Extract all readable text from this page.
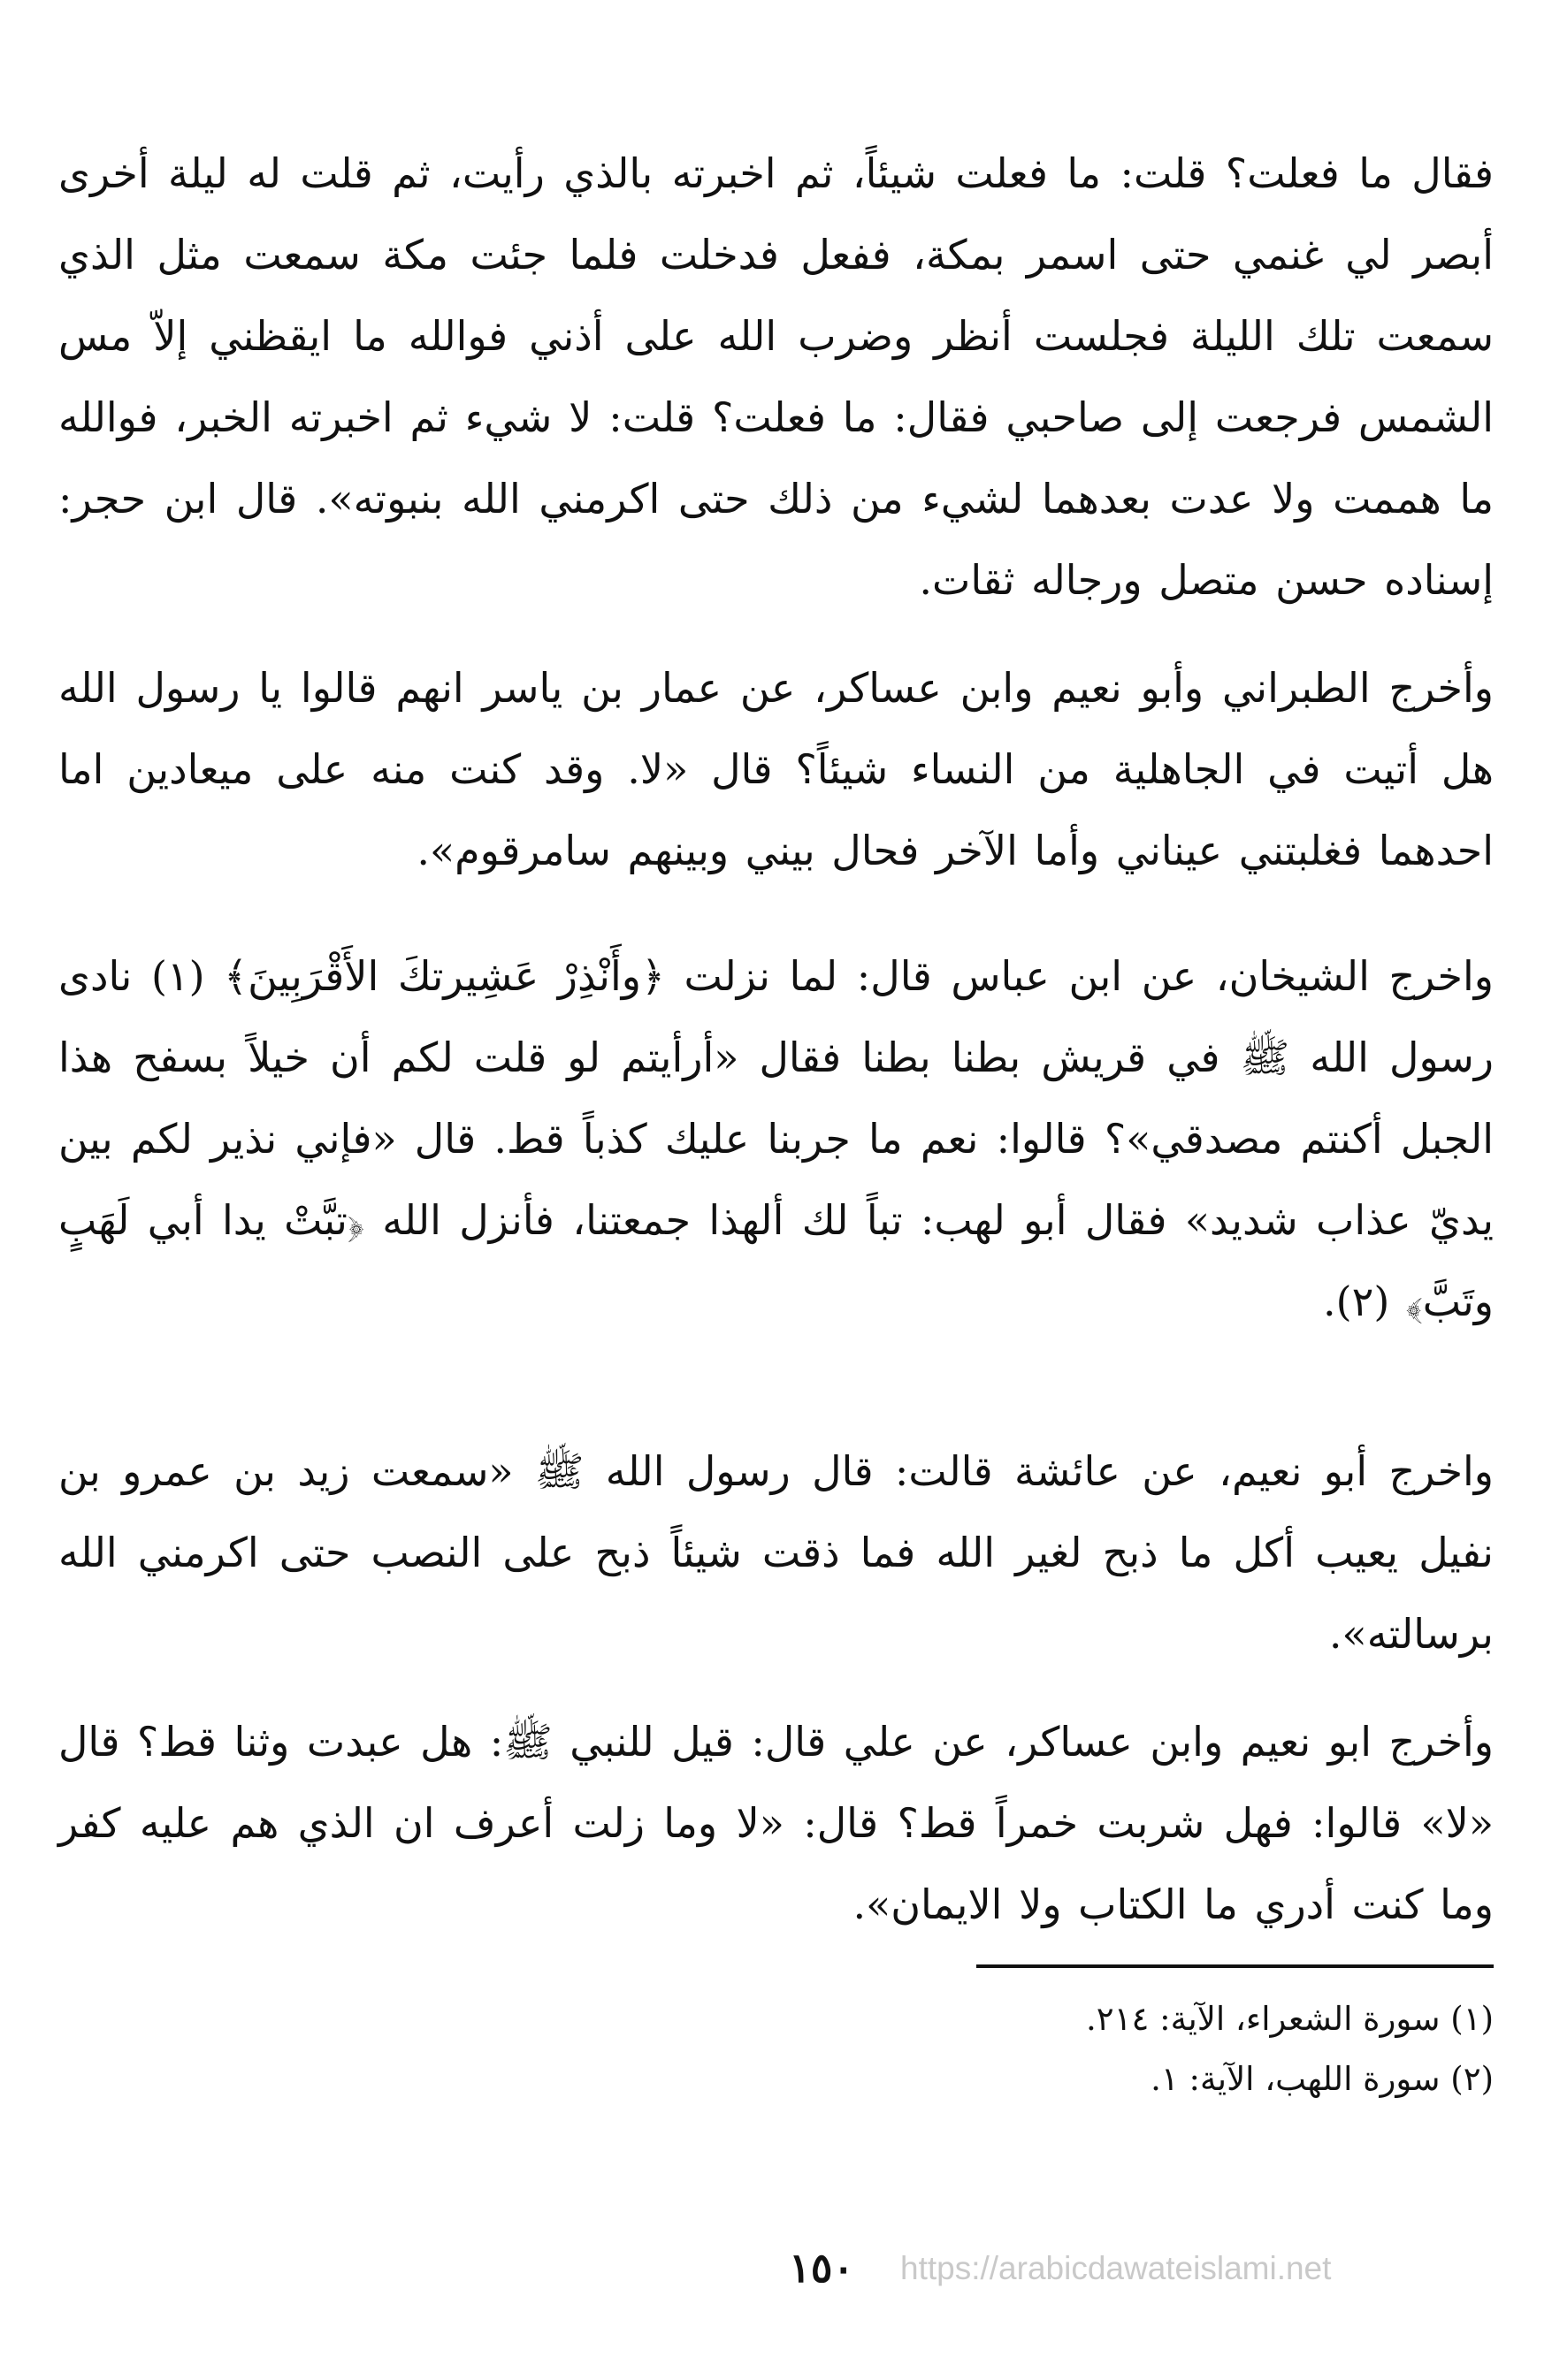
فقال ما فعلت؟ قلت: ما فعلت شيئاً، ثم اخبرته بالذي رأيت، ثم قلت له ليلة أخرى أبصر لي غنمي حتى اسمر بمكة، ففعل فدخلت فلما جئت مكة سمعت مثل الذي سمعت تلك الليلة فجلست أنظر وضرب الله على أذني فوالله ما ايقظني إلاّ مس الشمس فرجعت إلى صاحبي فقال: ما فعلت؟ قلت: لا شيء ثم اخبرته الخبر، فوالله ما هممت ولا عدت بعدهما لشيء من ذلك حتى اكرمني الله بنبوته». قال ابن حجر: إسناده حسن متصل ورجاله ثقات.

وأخرج الطبراني وأبو نعيم وابن عساكر، عن عمار بن ياسر انهم قالوا يا رسول الله هل أتيت في الجاهلية من النساء شيئاً؟ قال «لا. وقد كنت منه على ميعادين اما احدهما فغلبتني عيناني وأما الآخر فحال بيني وبينهم سامرقوم».

واخرج الشيخان، عن ابن عباس قال: لما نزلت ﴿وأَنْذِرْ عَشِيرتكَ الأَقْرَبِينَ﴾ (١) نادى رسول الله ﷺ في قريش بطنا بطنا فقال «أرأيتم لو قلت لكم أن خيلاً بسفح هذا الجبل أكنتم مصدقي»؟ قالوا: نعم ما جربنا عليك كذباً قط. قال «فإني نذير لكم بين يديّ عذاب شديد» فقال أبو لهب: تباً لك ألهذا جمعتنا، فأنزل الله ﴿تبَّتْ يدا أبي لَهَبٍ وتَبَّ﴾ (٢).

واخرج أبو نعيم، عن عائشة قالت: قال رسول الله ﷺ «سمعت زيد بن عمرو بن نفيل يعيب أكل ما ذبح لغير الله فما ذقت شيئاً ذبح على النصب حتى اكرمني الله برسالته».

وأخرج ابو نعيم وابن عساكر، عن علي قال: قيل للنبي ﷺ: هل عبدت وثنا قط؟ قال «لا» قالوا: فهل شربت خمراً قط؟ قال: «لا وما زلت أعرف ان الذي هم عليه كفر وما كنت أدري ما الكتاب ولا الايمان».

(١) سورة الشعراء، الآية: ٢١٤.

(٢) سورة اللهب، الآية: ١.

١٥٠ https://arabicdawateislami.net
